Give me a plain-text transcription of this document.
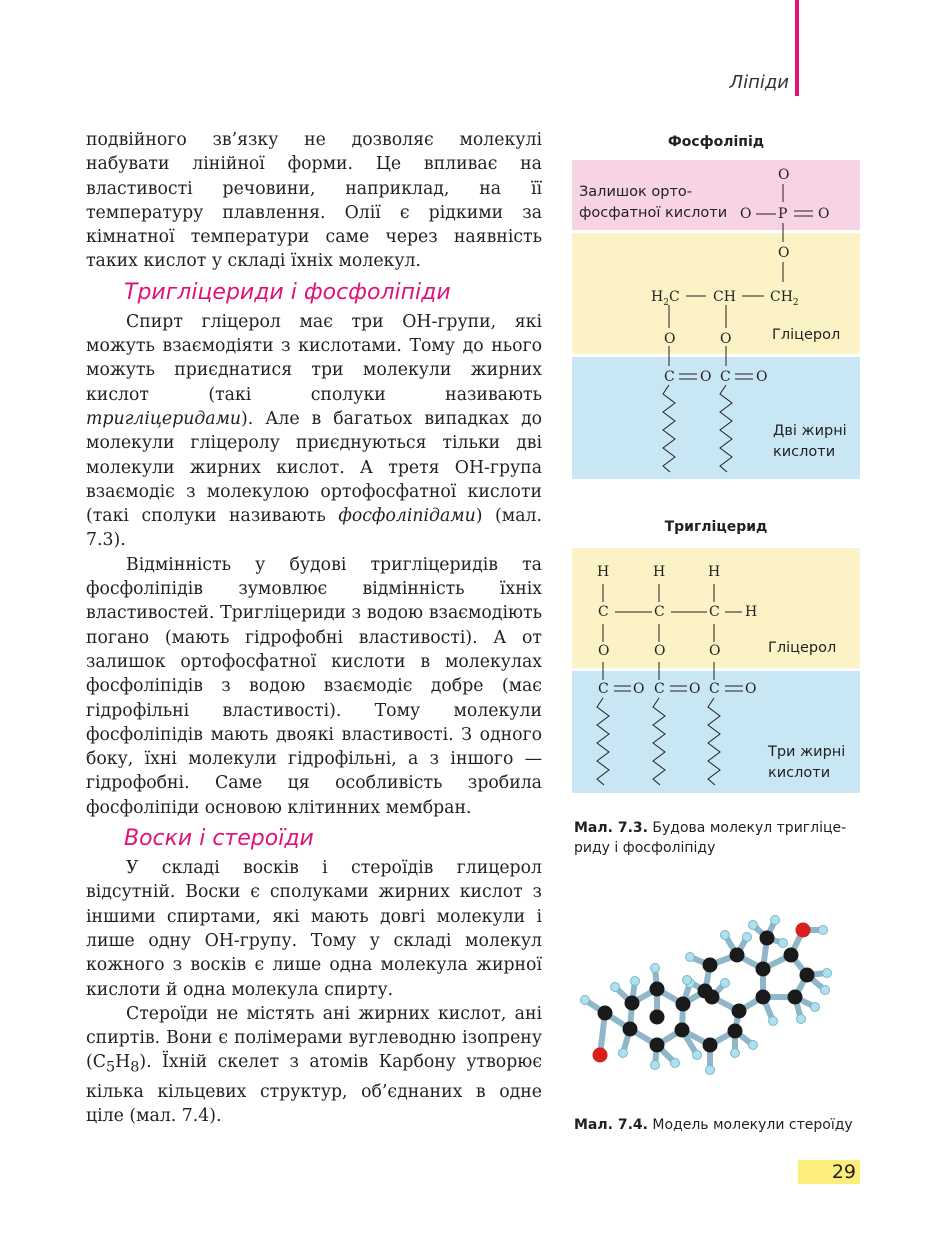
Ліпіди

подвійного зв’язку не дозволяє молекулі набувати лінійної форми. Це впливає на властивості речовини, наприклад, на її температуру плавлення. Олії є рідкими за кімнатної температури саме через наявність таких кислот у складі їхніх молекул.

Тригліцериди і фосфоліпіди

Спирт гліцерол має три ОН-групи, які можуть взаємодіяти з кислотами. Тому до нього можуть приєднатися три молекули жирних кислот (такі сполуки називають тригліцеридами). Але в багатьох випадках до молекули гліцеролу приєднуються тільки дві молекули жирних кислот. А третя ОН-група взаємодіє з молекулою ортофосфатної кислоти (такі сполуки називають фосфоліпідами) (мал. 7.3).

Відмінність у будові тригліцеридів та фосфоліпідів зумовлює відмінність їхніх властивостей. Тригліцериди з водою взаємодіють погано (мають гідрофобні властивості). А от залишок ортофосфатної кислоти в молекулах фосфоліпідів з водою взаємодіє добре (має гідрофільні властивості). Тому молекули фосфоліпідів мають двоякі властивості. З одного боку, їхні молекули гідрофільні, а з іншого — гідрофобні. Саме ця особливість зробила фосфоліпіди основою клітинних мембран.

Воски і стероїди

У складі восків і стероїдів глицерол відсутній. Воски є сполуками жирних кислот з іншими спиртами, які мають довгі молекули і лише одну ОН-групу. Тому у складі молекул кожного з восків є лише одна молекула жирної кислоти й одна молекула спирту.

Стероїди не містять ані жирних кислот, ані спиртів. Вони є полімерами вуглеводню ізопрену $(C_5H_8)$. Їхній скелет з атомів Карбону утворює кілька кільцевих структур, об’єднаних в одне ціле (мал. 7.4).

Фосфоліпід
Залишок орто-
фосфатної кислоти
Гліцерол
Дві жирні
кислоти
O
O P O
O
$H_2C$ CH $CH_2$
O	O
C O C O
Тригліцерид
Гліцерол
Три жирні
кислоти
H	H	H
C	C	C H
O	O	O
C O C O C O
Мал. 7.3. Будова молекул тригліцериду і фосфоліпіду
Мал. 7.4. Модель молекули стероїду
29
